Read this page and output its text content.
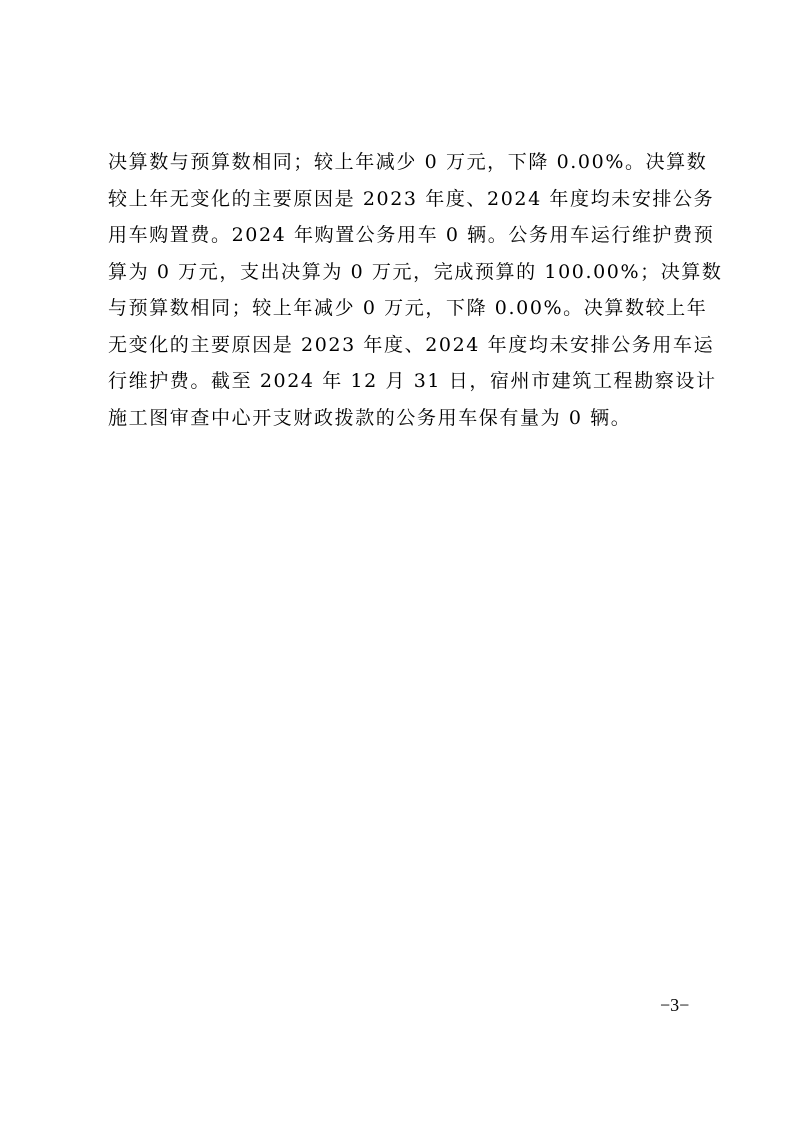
决算数与预算数相同；较上年减少 0 万元，下降 0.00%。决算数
较上年无变化的主要原因是 2023 年度、2024 年度均未安排公务
用车购置费。2024 年购置公务用车 0 辆。公务用车运行维护费预
算为 0 万元，支出决算为 0 万元，完成预算的 100.00%；决算数
与预算数相同；较上年减少 0 万元，下降 0.00%。决算数较上年
无变化的主要原因是 2023 年度、2024 年度均未安排公务用车运
行维护费。截至 2024 年 12 月 31 日，宿州市建筑工程勘察设计
施工图审查中心开支财政拨款的公务用车保有量为 0 辆。
−3−
